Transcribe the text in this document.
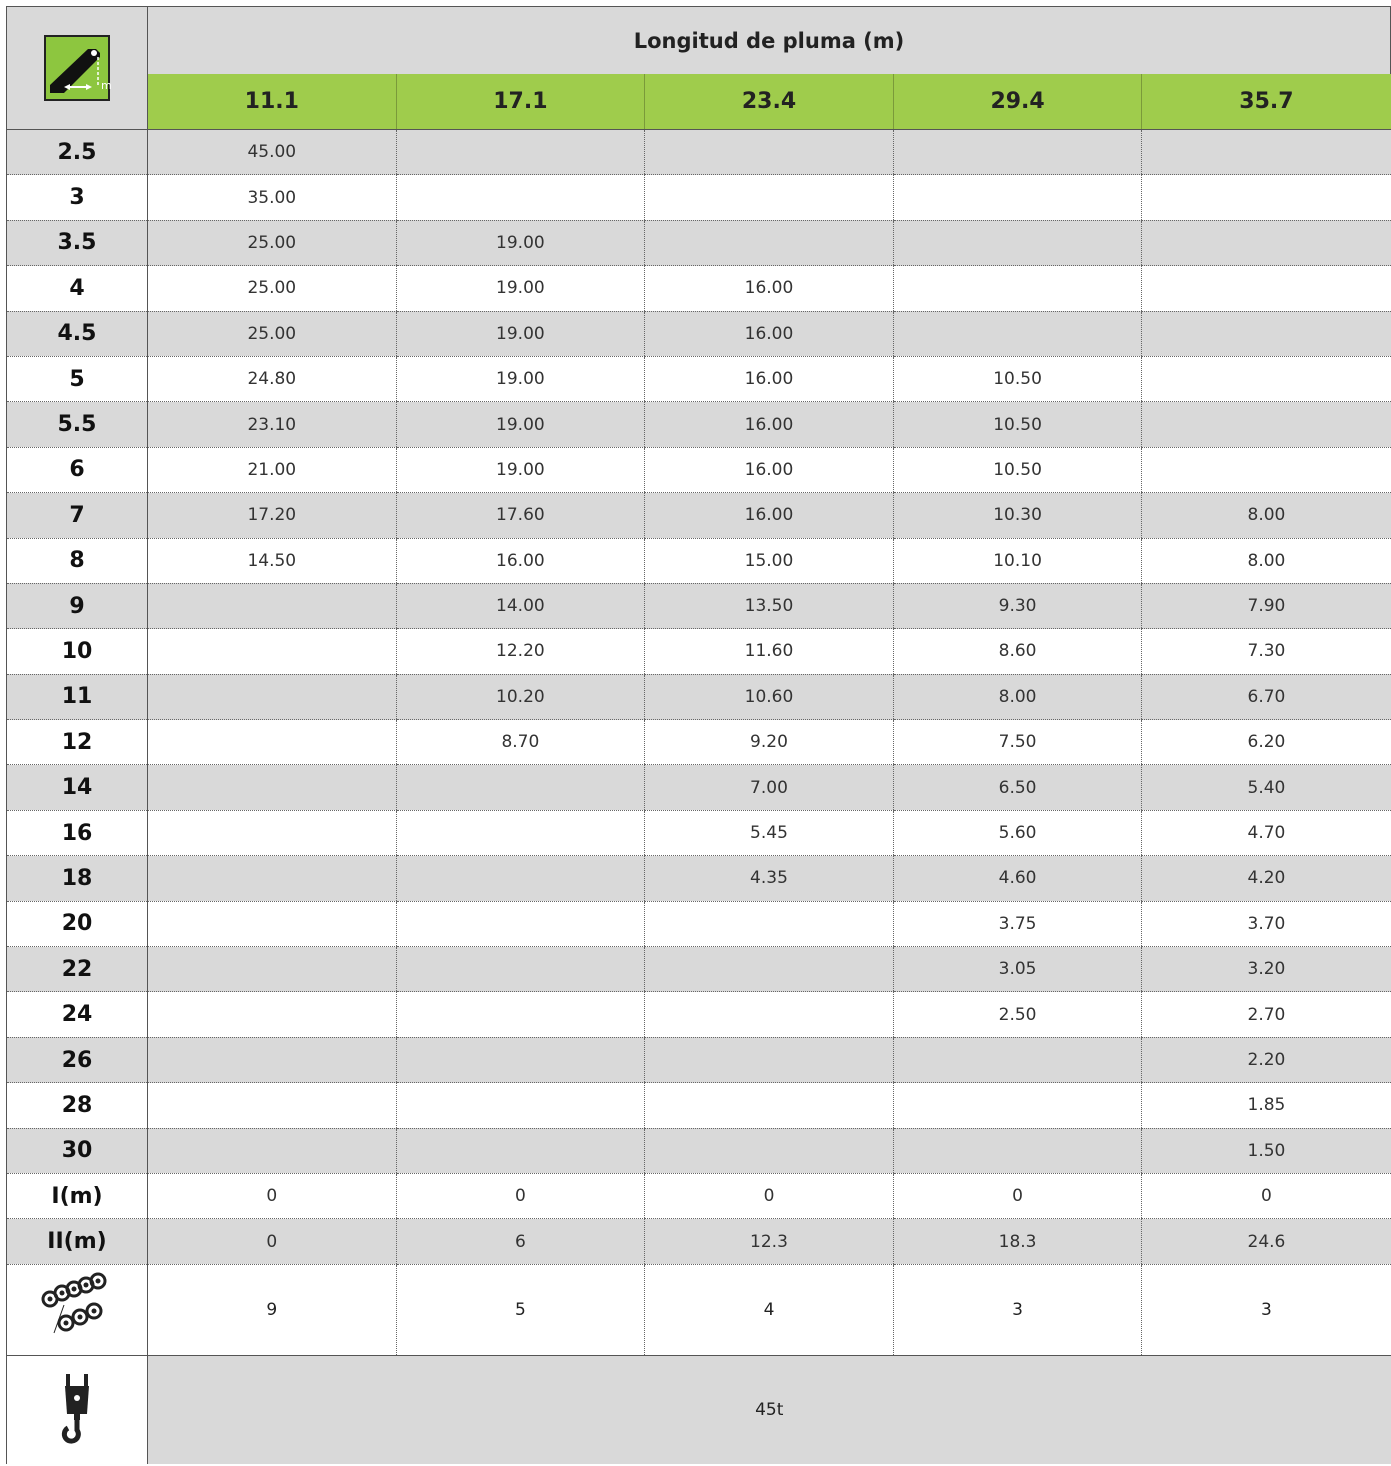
m	Longitud de pluma (m)				
	11.1	17.1	23.4	29.4	35.7
2.5	45.00				
3	35.00				
3.5	25.00	19.00			
4	25.00	19.00	16.00		
4.5	25.00	19.00	16.00		
5	24.80	19.00	16.00	10.50	
5.5	23.10	19.00	16.00	10.50	
6	21.00	19.00	16.00	10.50	
7	17.20	17.60	16.00	10.30	8.00
8	14.50	16.00	15.00	10.10	8.00
9		14.00	13.50	9.30	7.90
10		12.20	11.60	8.60	7.30
11		10.20	10.60	8.00	6.70
12		8.70	9.20	7.50	6.20
14			7.00	6.50	5.40
16			5.45	5.60	4.70
18			4.35	4.60	4.20
20				3.75	3.70
22				3.05	3.20
24				2.50	2.70
26					2.20
28					1.85
30					1.50
I(m)	0	0	0	0	0
II(m)	0	6	12.3	18.3	24.6
	9	5	4	3	3
	45t				
